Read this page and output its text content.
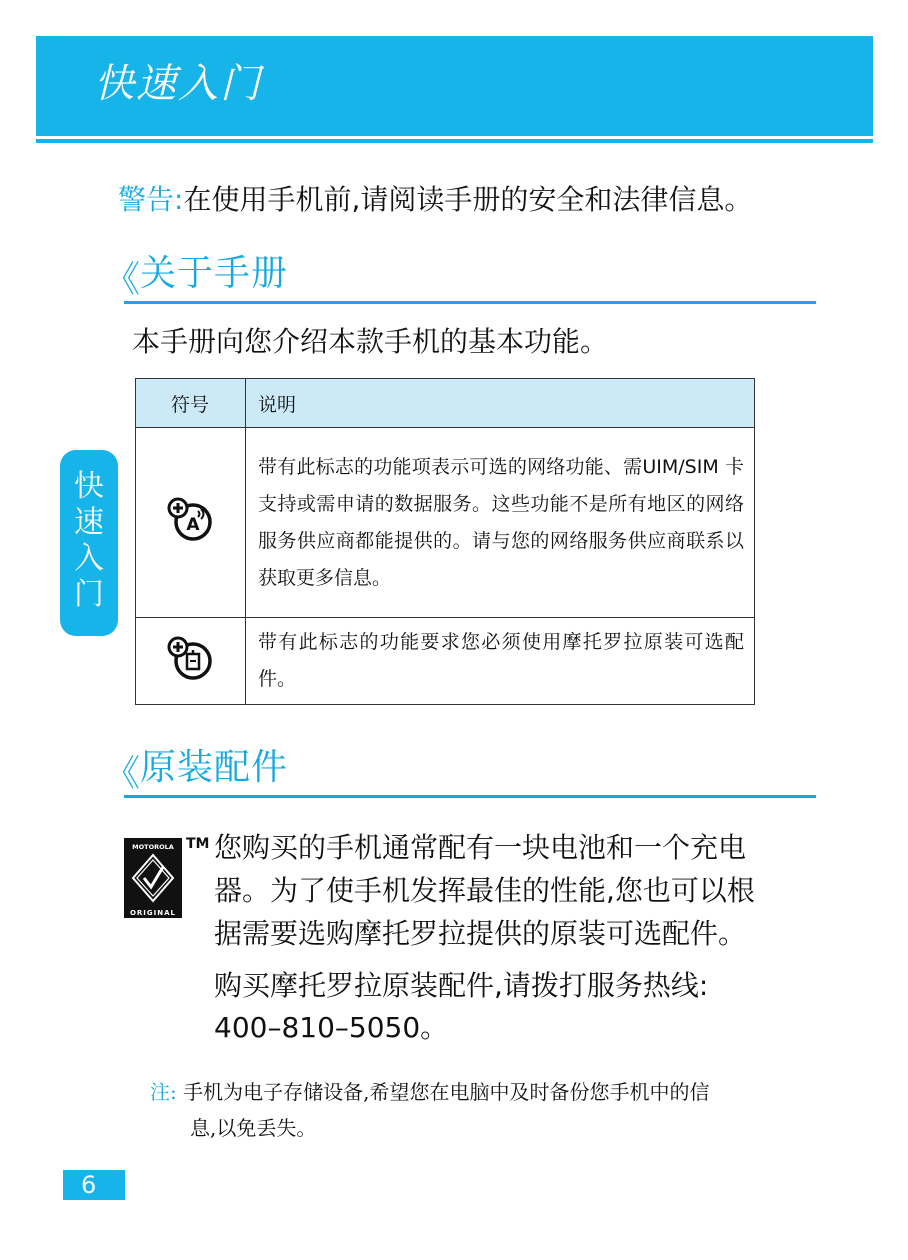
快速入门
警告:在使用手机前,请阅读手册的安全和法律信息。
《 关于手册
本手册向您介绍本款手机的基本功能。
符号	说明

A	带有此标志的功能项表示可选的网络功能、需UIM/SIM 卡支持或需申请的数据服务。这些功能不是所有地区的网络服务供应商都能提供的。请与您的网络服务供应商联系以获取更多信息。
	带有此标志的功能要求您必须使用摩托罗拉原装可选配件。
快
速
入
门
《 原装配件
MOTOROLA
ORIGINAL
TM 您购买的手机通常配有一块电池和一个充电
器。为了使手机发挥最佳的性能,您也可以根
据需要选购摩托罗拉提供的原装可选配件。
购买摩托罗拉原装配件,请拨打服务热线:
400–810–5050。
注: 手机为电子存储设备,希望您在电脑中及时备份您手机中的信
息,以免丢失。
6
